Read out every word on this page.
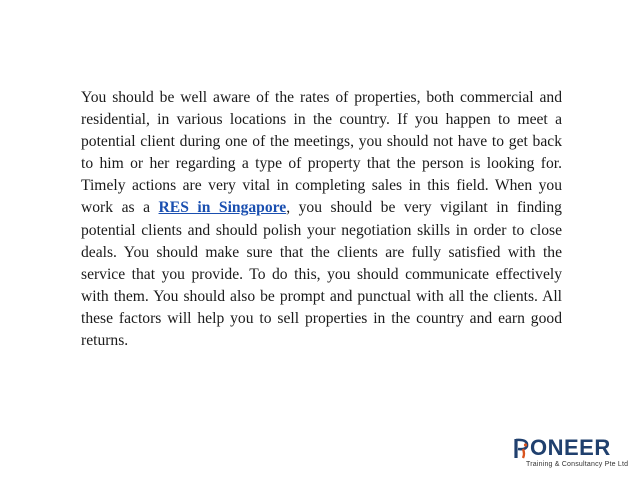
You should be well aware of the rates of properties, both commercial and residential, in various locations in the country. If you happen to meet a potential client during one of the meetings, you should not have to get back to him or her regarding a type of property that the person is looking for. Timely actions are very vital in completing sales in this field. When you work as a RES in Singapore, you should be very vigilant in finding potential clients and should polish your negotiation skills in order to close deals. You should make sure that the clients are fully satisfied with the service that you provide. To do this, you should communicate effectively with them. You should also be prompt and punctual with all the clients. All these factors will help you to sell properties in the country and earn good returns.

ONEER
Training & Consultancy Pte Ltd
